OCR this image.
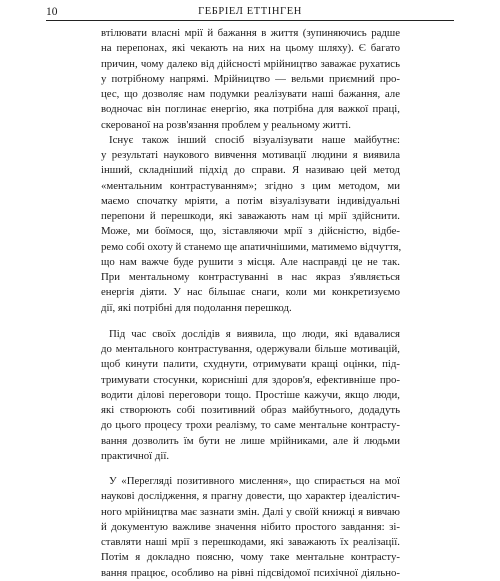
10	ГЕБРІЕЛ ЕТТІНГЕН
втілювати власні мрії й бажання в життя (зупиняючись радше
на перепонах, які чекають на них на цьому шляху). Є багато
причин, чому далеко від дійсності мрійництво заважає рухатись
у потрібному напрямі. Мрійництво — вельми приємний про-
цес, що дозволяє нам подумки реалізувати наші бажання, але
водночас він поглинає енергію, яка потрібна для важкої праці,
скерованої на розв'язання проблем у реальному житті.
Існує також інший спосіб візуалізувати наше майбутнє:
у результаті наукового вивчення мотивації людини я виявила
інший, складніший підхід до справи. Я називаю цей метод
«ментальним контрастуванням»; згідно з цим методом, ми
маємо спочатку мріяти, а потім візуалізувати індивідуальні
перепони й перешкоди, які заважають нам ці мрії здійснити.
Може, ми боїмося, що, зіставляючи мрії з дійсністю, відбе-
ремо собі охоту й станемо ще апатичнішими, матимемо відчуття,
що нам важче буде рушити з місця. Але насправді це не так.
При ментальному контрастуванні в нас якраз з'являється
енергія діяти. У нас більшає снаги, коли ми конкретизуємо
дії, які потрібні для подолання перешкод.
Під час своїх дослідів я виявила, що люди, які вдавалися
до ментального контрастування, одержували більше мотивацій,
щоб кинути палити, схуднути, отримувати кращі оцінки, під-
тримувати стосунки, корисніші для здоров'я, ефективніше про-
водити ділові переговори тощо. Простіше кажучи, якщо люди,
які створюють собі позитивний образ майбутнього, додадуть
до цього процесу трохи реалізму, то саме ментальне контрасту-
вання дозволить їм бути не лише мрійниками, але й людьми
практичної дії.
У «Перегляді позитивного мислення», що спирається на мої
наукові дослідження, я прагну довести, що характер ідеалістич-
ного мрійництва має зазнати змін. Далі у своїй книжці я вивчаю
й документую важливе значення нібито простого завдання: зі-
ставляти наші мрії з перешкодами, які заважають їх реалізації.
Потім я докладно поясню, чому таке ментальне контрасту-
вання працює, особливо на рівні підсвідомої психічної діяльно-
